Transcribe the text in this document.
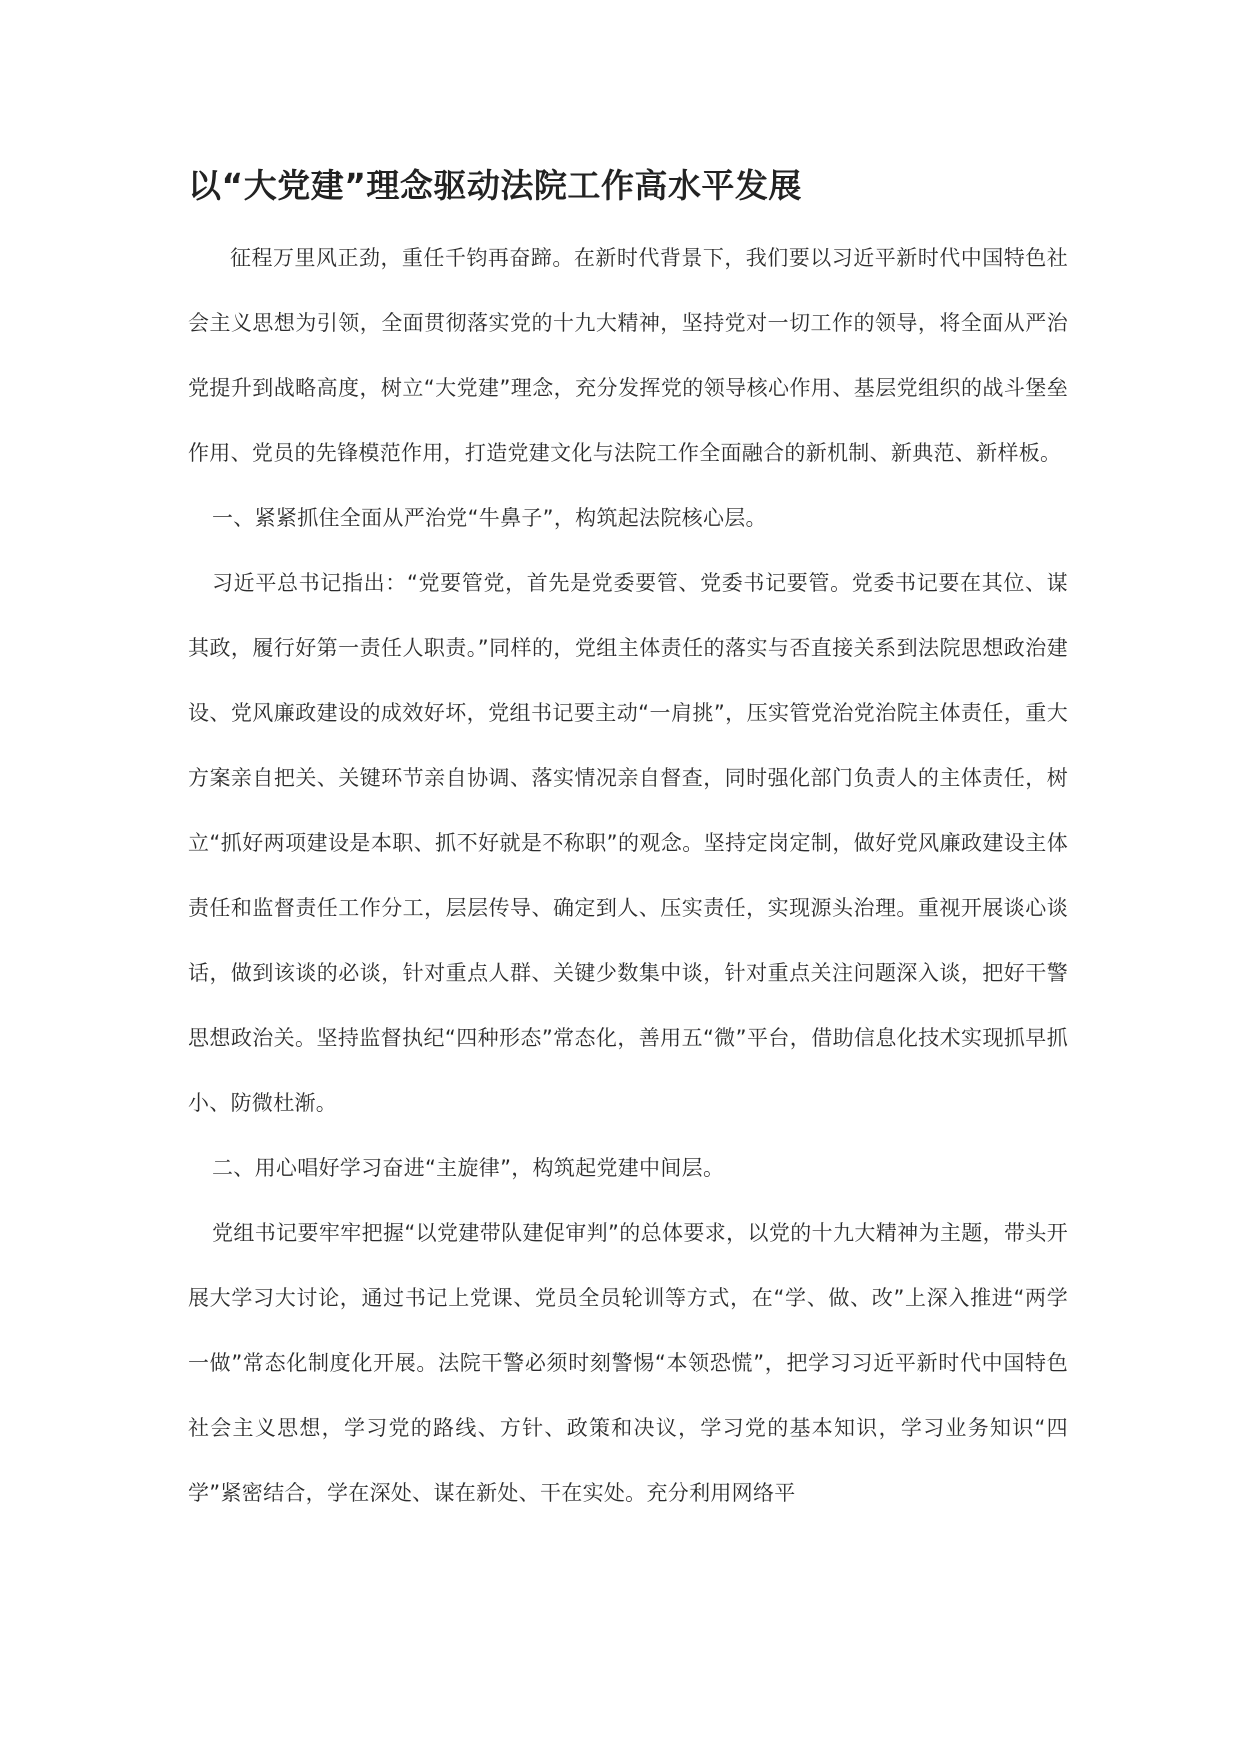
以“大党建”理念驱动法院工作高水平发展

征程万里风正劲，重任千钧再奋蹄。在新时代背景下，我们要以习近平新时代中国特色社会主义思想为引领，全面贯彻落实党的十九大精神，坚持党对一切工作的领导，将全面从严治党提升到战略高度，树立“大党建”理念，充分发挥党的领导核心作用、基层党组织的战斗堡垒作用、党员的先锋模范作用，打造党建文化与法院工作全面融合的新机制、新典范、新样板。

一、紧紧抓住全面从严治党“牛鼻子”，构筑起法院核心层。

习近平总书记指出：“党要管党，首先是党委要管、党委书记要管。党委书记要在其位、谋其政，履行好第一责任人职责。”同样的，党组主体责任的落实与否直接关系到法院思想政治建设、党风廉政建设的成效好坏，党组书记要主动“一肩挑”，压实管党治党治院主体责任，重大方案亲自把关、关键环节亲自协调、落实情况亲自督查，同时强化部门负责人的主体责任，树立“抓好两项建设是本职、抓不好就是不称职”的观念。坚持定岗定制，做好党风廉政建设主体责任和监督责任工作分工，层层传导、确定到人、压实责任，实现源头治理。重视开展谈心谈话，做到该谈的必谈，针对重点人群、关键少数集中谈，针对重点关注问题深入谈，把好干警思想政治关。坚持监督执纪“四种形态”常态化，善用五“微”平台，借助信息化技术实现抓早抓小、防微杜渐。

二、用心唱好学习奋进“主旋律”，构筑起党建中间层。

党组书记要牢牢把握“以党建带队建促审判”的总体要求，以党的十九大精神为主题，带头开展大学习大讨论，通过书记上党课、党员全员轮训等方式，在“学、做、改”上深入推进“两学一做”常态化制度化开展。法院干警必须时刻警惕“本领恐慌”，把学习习近平新时代中国特色社会主义思想，学习党的路线、方针、政策和决议，学习党的基本知识，学习业务知识“四学”紧密结合，学在深处、谋在新处、干在实处。充分利用网络平
